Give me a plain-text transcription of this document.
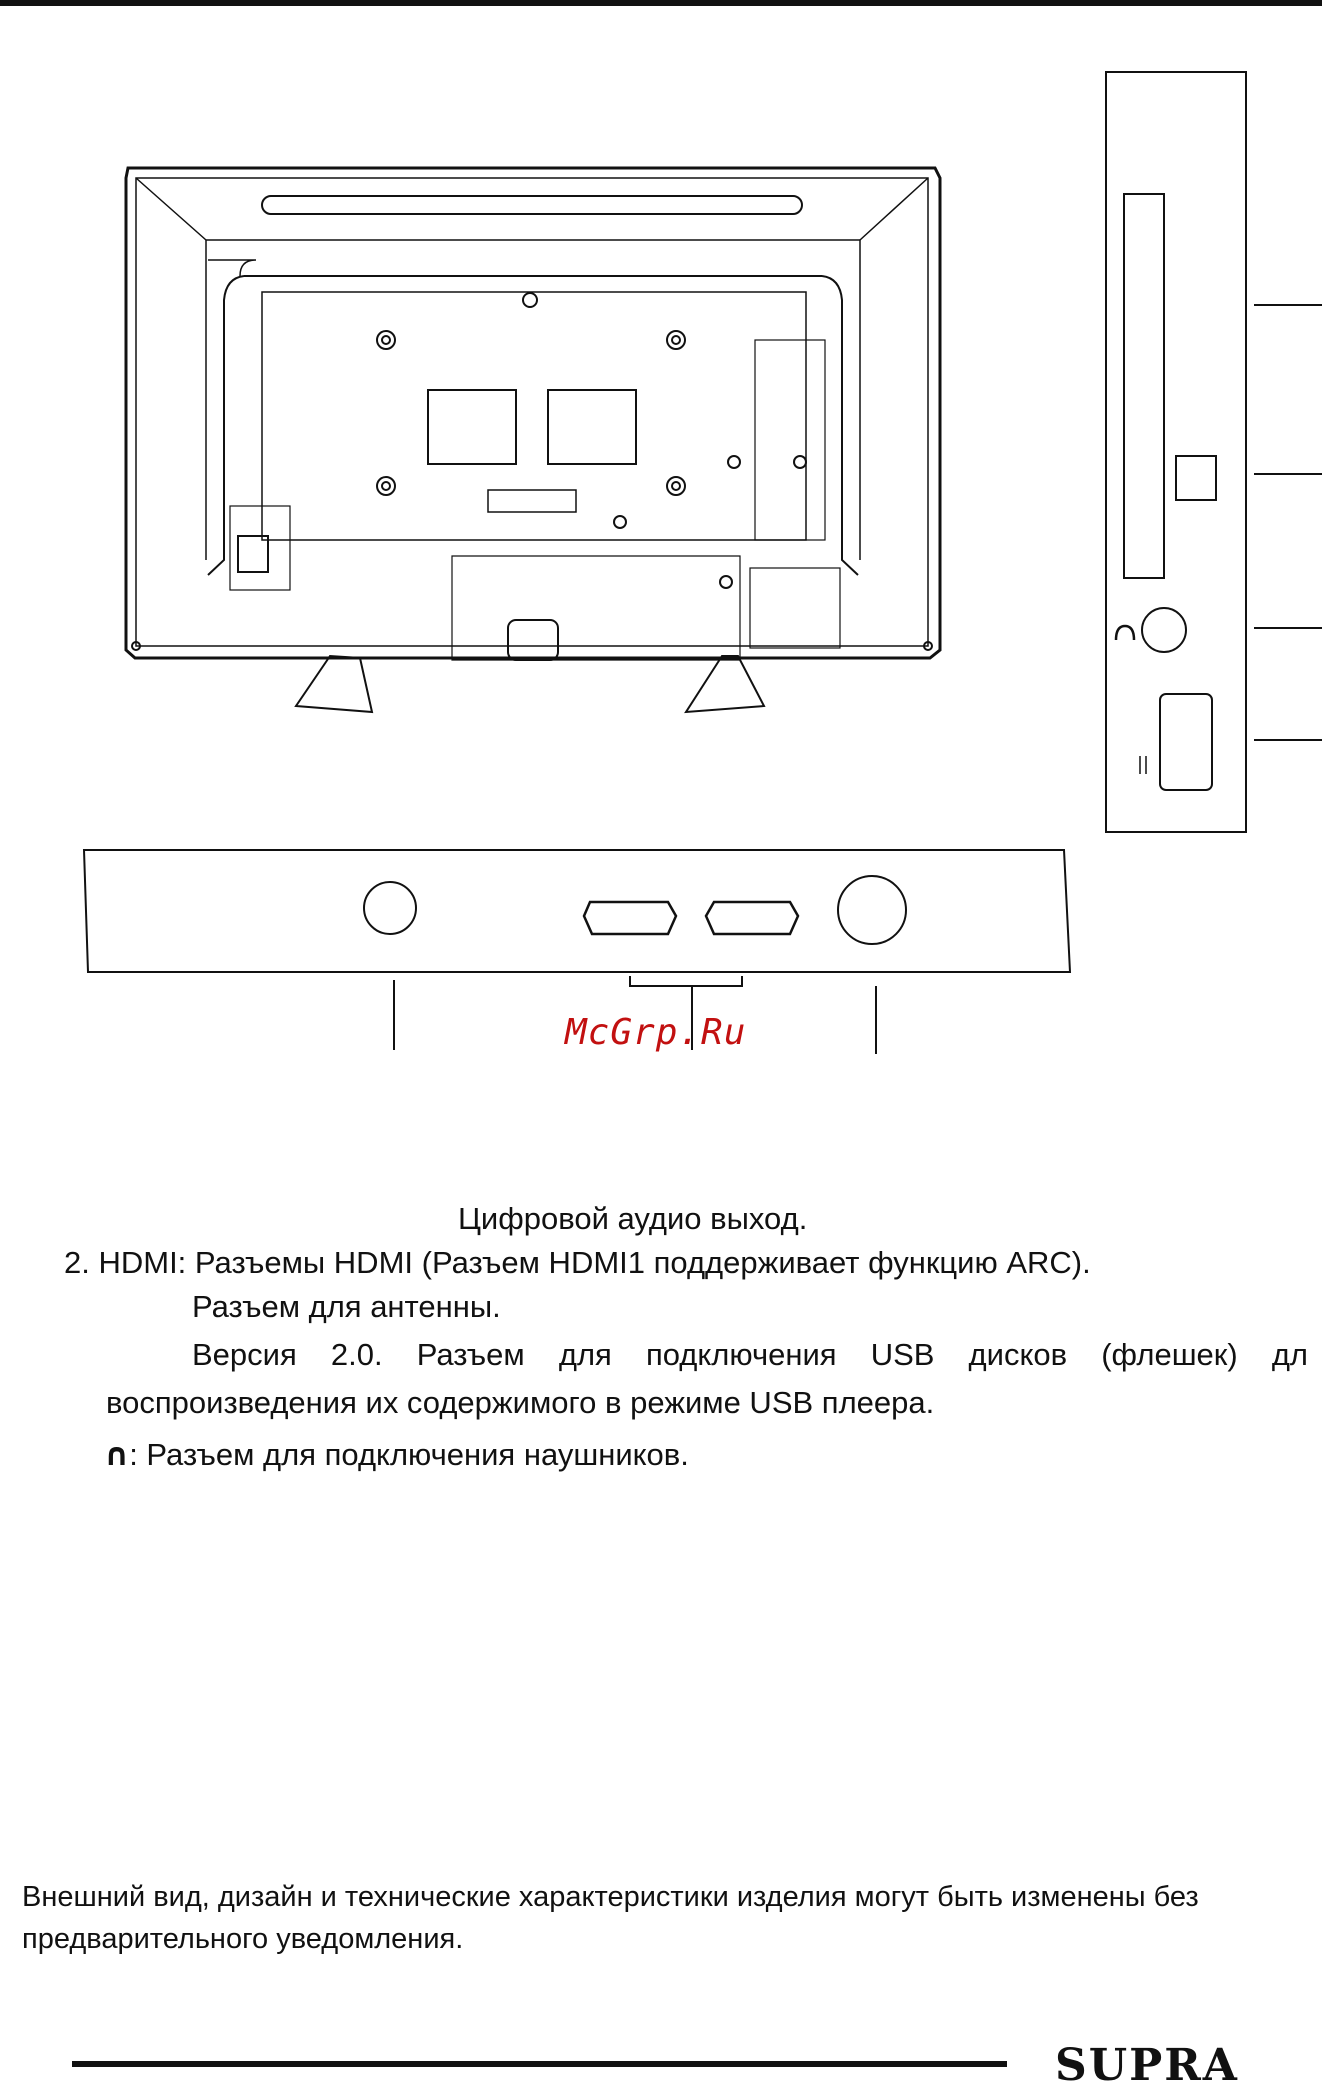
McGrp.Ru
Цифровой аудио выход.
2. HDMI: Разъемы HDMI (Разъем HDMI1 поддерживает функцию ARC).
Разъем для антенны.
Версия 2.0. Разъем для подключения USB дисков (флешек) дл
воспроизведения их содержимого в режиме USB плеера.
∩: Разъем для подключения наушников.
Внешний вид, дизайн и технические характеристики изделия могут быть изменены без предварительного уведомления.
SUPRA
